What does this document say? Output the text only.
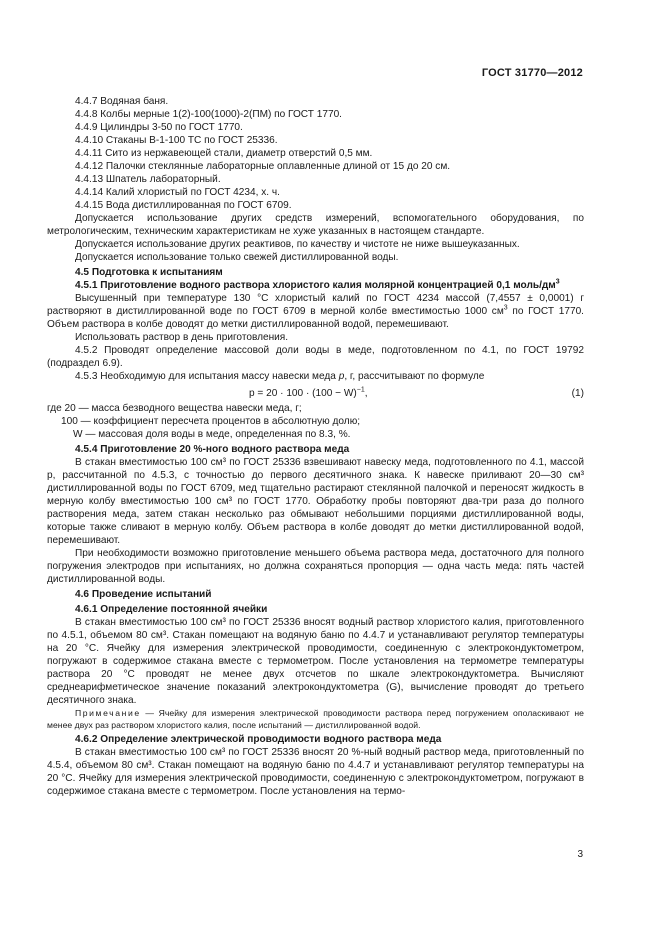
ГОСТ 31770—2012

4.4.7 Водяная баня.

4.4.8 Колбы мерные 1(2)-100(1000)-2(ПМ) по ГОСТ 1770.

4.4.9 Цилиндры 3-50 по ГОСТ 1770.

4.4.10 Стаканы В-1-100 ТС по ГОСТ 25336.

4.4.11 Сито из нержавеющей стали, диаметр отверстий 0,5 мм.

4.4.12 Палочки стеклянные лабораторные оплавленные длиной от 15 до 20 см.

4.4.13 Шпатель лабораторный.

4.4.14 Калий хлористый по ГОСТ 4234, х. ч.

4.4.15 Вода дистиллированная по ГОСТ 6709.

Допускается использование других средств измерений, вспомогательного оборудования, по метрологическим, техническим характеристикам не хуже указанных в настоящем стандарте.

Допускается использование других реактивов, по качеству и чистоте не ниже вышеуказанных.

Допускается использование только свежей дистиллированной воды.

4.5 Подготовка к испытаниям

4.5.1 Приготовление водного раствора хлористого калия молярной концентрацией 0,1 моль/$дм^3$

Высушенный при температуре 130 °С хлористый калий по ГОСТ 4234 массой (7,4557 ± 0,0001) г растворяют в дистиллированной воде по ГОСТ 6709 в мерной колбе вместимостью 1000 $см^3$ по ГОСТ 1770. Объем раствора в колбе доводят до метки дистиллированной водой, перемешивают.

Использовать раствор в день приготовления.

4.5.2 Проводят определение массовой доли воды в меде, подготовленном по 4.1, по ГОСТ 19792 (подраздел 6.9).

4.5.3 Необходимую для испытания массу навески меда р, г, рассчитывают по формуле

$р = 20 \cdot 100 \cdot (100 - W)^{-1}$,	(1)

где 20 — масса безводного вещества навески меда, г;

100 — коэффициент пересчета процентов в абсолютную долю;

W — массовая доля воды в меде, определенная по 8.3, %.

4.5.4 Приготовление 20 %-ного водного раствора меда

В стакан вместимостью 100 см³ по ГОСТ 25336 взвешивают навеску меда, подготовленного по 4.1, массой р, рассчитанной по 4.5.3, с точностью до первого десятичного знака. К навеске приливают 20—30 см³ дистиллированной воды по ГОСТ 6709, мед тщательно растирают стеклянной палочкой и переносят жидкость в мерную колбу вместимостью 100 см³ по ГОСТ 1770. Обработку пробы повторяют два-три раза до полного растворения меда, затем стакан несколько раз обмывают небольшими порциями дистиллированной воды, которые также сливают в мерную колбу. Объем раствора в колбе доводят до метки дистиллированной водой, перемешивают.

При необходимости возможно приготовление меньшего объема раствора меда, достаточного для полного погружения электродов при испытаниях, но должна сохраняться пропорция — одна часть меда: пять частей дистиллированной воды.

4.6 Проведение испытаний

4.6.1 Определение постоянной ячейки

В стакан вместимостью 100 см³ по ГОСТ 25336 вносят водный раствор хлористого калия, приготовленного по 4.5.1, объемом 80 см³. Стакан помещают на водяную баню по 4.4.7 и устанавливают регулятор температуры на 20 °С. Ячейку для измерения электрической проводимости, соединенную с электрокондуктометром, погружают в содержимое стакана вместе с термометром. После установления на термометре температуры раствора 20 °С проводят не менее двух отсчетов по шкале электрокондуктометра. Вычисляют среднеарифметическое значение показаний электрокондуктометра (G), вычисление проводят до третьего десятичного знака.

Примечание — Ячейку для измерения электрической проводимости раствора перед погружением ополаскивают не менее двух раз раствором хлористого калия, после испытаний — дистиллированной водой.

4.6.2 Определение электрической проводимости водного раствора меда

В стакан вместимостью 100 см³ по ГОСТ 25336 вносят 20 %-ный водный раствор меда, приготовленный по 4.5.4, объемом 80 см³. Стакан помещают на водяную баню по 4.4.7 и устанавливают регулятор температуры на 20 °С. Ячейку для измерения электрической проводимости, соединенную с электрокондуктометром, погружают в содержимое стакана вместе с термометром. После установления на термо-

3
